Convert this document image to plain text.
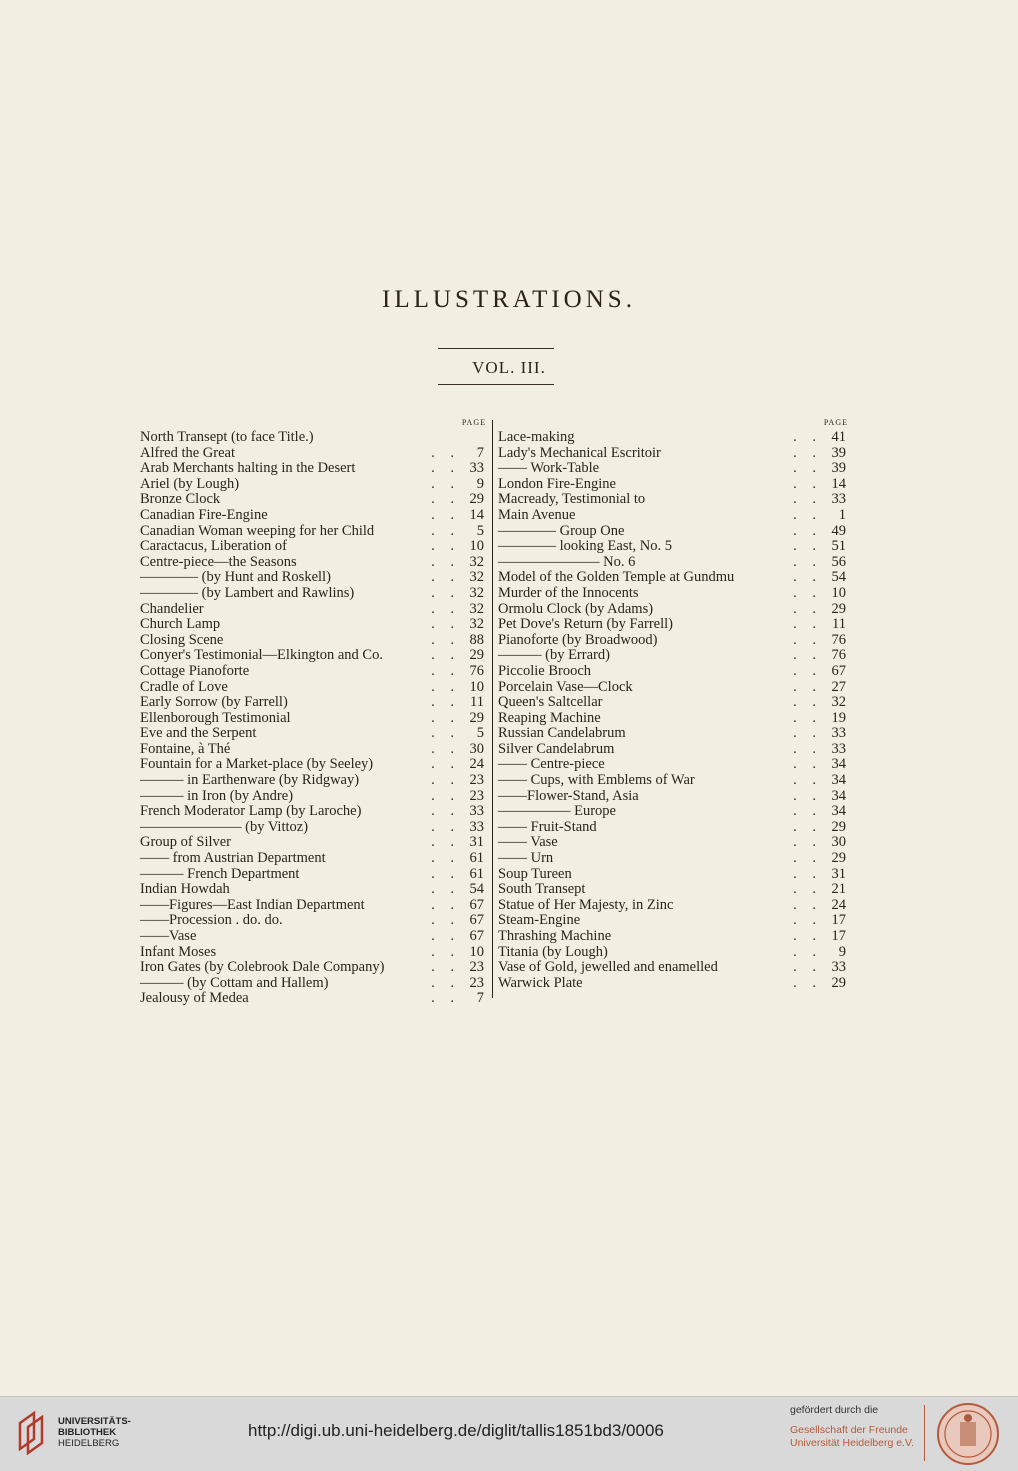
ILLUSTRATIONS.
VOL. III.
PAGE
North Transept (to face Title.)
Alfred the Great	. . 7
Arab Merchants halting in the Desert	. . 33
Ariel (by Lough)	. . 9
Bronze Clock	. . 29
Canadian Fire-Engine	. . 14
Canadian Woman weeping for her Child	. . 5
Caractacus, Liberation of	. . 10
Centre-piece—the Seasons	. . 32
———— (by Hunt and Roskell)	. . 32
———— (by Lambert and Rawlins)	. . 32
Chandelier	. . 32
Church Lamp	. . 32
Closing Scene	. . 88
Conyer's Testimonial—Elkington and Co.	. . 29
Cottage Pianoforte	. . 76
Cradle of Love	. . 10
Early Sorrow (by Farrell)	. . 11
Ellenborough Testimonial	. . 29
Eve and the Serpent	. . 5
Fontaine, à Thé	. . 30
Fountain for a Market-place (by Seeley)	. . 24
——— in Earthenware (by Ridgway)	. . 23
——— in Iron (by Andre)	. . 23
French Moderator Lamp (by Laroche)	. . 33
——————— (by Vittoz)	. . 33
Group of Silver	. . 31
—— from Austrian Department	. . 61
——— French Department	. . 61
Indian Howdah	. . 54
——Figures—East Indian Department	. . 67
——Procession . do. do.	. . 67
——Vase	. . 67
Infant Moses	. . 10
Iron Gates (by Colebrook Dale Company)	. . 23
——— (by Cottam and Hallem)	. . 23
Jealousy of Medea	. . 7
PAGE
Lace-making	. . 41
Lady's Mechanical Escritoir	. . 39
—— Work-Table	. . 39
London Fire-Engine	. . 14
Macready, Testimonial to	. . 33
Main Avenue	. . 1
———— Group One	. . 49
———— looking East, No. 5	. . 51
——————— No. 6	. . 56
Model of the Golden Temple at Gundmu	. . 54
Murder of the Innocents	. . 10
Ormolu Clock (by Adams)	. . 29
Pet Dove's Return (by Farrell)	. . 11
Pianoforte (by Broadwood)	. . 76
——— (by Errard)	. . 76
Piccolie Brooch	. . 67
Porcelain Vase—Clock	. . 27
Queen's Saltcellar	. . 32
Reaping Machine	. . 19
Russian Candelabrum	. . 33
Silver Candelabrum	. . 33
—— Centre-piece	. . 34
—— Cups, with Emblems of War	. . 34
——Flower-Stand, Asia	. . 34
————— Europe	. . 34
—— Fruit-Stand	. . 29
—— Vase	. . 30
—— Urn	. . 29
Soup Tureen	. . 31
South Transept	. . 21
Statue of Her Majesty, in Zinc	. . 24
Steam-Engine	. . 17
Thrashing Machine	. . 17
Titania (by Lough)	. . 9
Vase of Gold, jewelled and enamelled	. . 33
Warwick Plate	. . 29
UNIVERSITÄTS-
BIBLIOTHEK
HEIDELBERG
http://digi.ub.uni-heidelberg.de/diglit/tallis1851bd3/0006
gefördert durch die
Gesellschaft der Freunde
Universität Heidelberg e.V.
